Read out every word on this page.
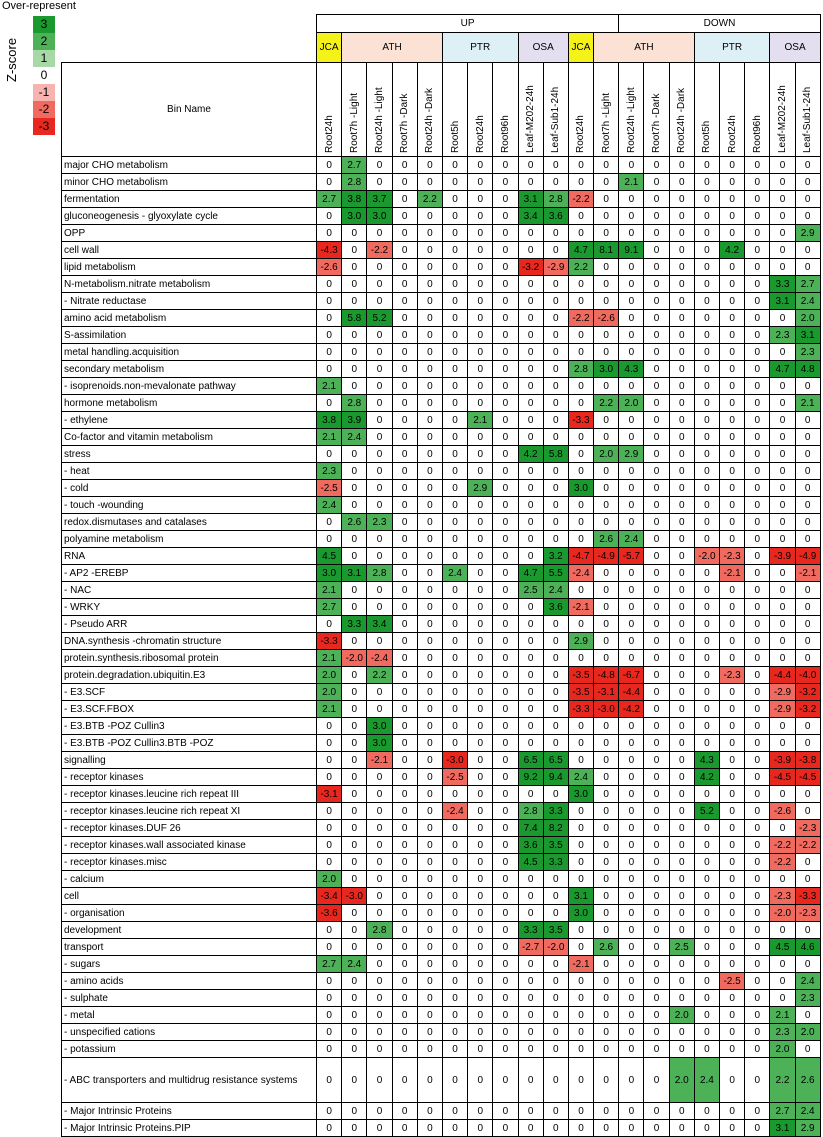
Over-represent
3
2
1
0
-1
-2
-3
Z-score
	UP												DOWN							
	JCA	ATH				PTR			OSA		JCA	ATH				PTR			OSA	
Bin Name	Root24h	Root7h -Light	Root24h -Light	Root7h -Dark	Root24h -Dark	Root5h	Root24h	Root96h	Leaf-M202-24h	Leaf-Sub1-24h	Root24h	Root7h -Light	Root24h -Light	Root7h -Dark	Root24h -Dark	Root5h	Root24h	Root96h	Leaf-M202-24h	Leaf-Sub1-24h
major CHO metabolism	0	2.7	0	0	0	0	0	0	0	0	0	0	0	0	0	0	0	0	0	0
minor CHO metabolism	0	2.8	0	0	0	0	0	0	0	0	0	0	2.1	0	0	0	0	0	0	0
fermentation	2.7	3.8	3.7	0	2.2	0	0	0	3.1	2.8	-2.2	0	0	0	0	0	0	0	0	0
gluconeogenesis - glyoxylate cycle	0	3.0	3.0	0	0	0	0	0	3.4	3.6	0	0	0	0	0	0	0	0	0	0
OPP	0	0	0	0	0	0	0	0	0	0	0	0	0	0	0	0	0	0	0	2.9
cell wall	-4.3	0	-2.2	0	0	0	0	0	0	0	4.7	8.1	9.1	0	0	0	4.2	0	0	0
lipid metabolism	-2.6	0	0	0	0	0	0	0	-3.2	-2.9	2.2	0	0	0	0	0	0	0	0	0
N-metabolism.nitrate metabolism	0	0	0	0	0	0	0	0	0	0	0	0	0	0	0	0	0	0	3.3	2.7
- Nitrate reductase	0	0	0	0	0	0	0	0	0	0	0	0	0	0	0	0	0	0	3.1	2.4
amino acid metabolism	0	5.8	5.2	0	0	0	0	0	0	0	-2.2	-2.6	0	0	0	0	0	0	0	2.0
S-assimilation	0	0	0	0	0	0	0	0	0	0	0	0	0	0	0	0	0	0	2.3	3.1
metal handling.acquisition	0	0	0	0	0	0	0	0	0	0	0	0	0	0	0	0	0	0	0	2.3
secondary metabolism	0	0	0	0	0	0	0	0	0	0	2.8	3.0	4.3	0	0	0	0	0	4.7	4.8
- isoprenoids.non-mevalonate pathway	2.1	0	0	0	0	0	0	0	0	0	0	0	0	0	0	0	0	0	0	0
hormone metabolism	0	2.8	0	0	0	0	0	0	0	0	0	2.2	2.0	0	0	0	0	0	0	2.1
- ethylene	3.8	3.9	0	0	0	0	2.1	0	0	0	-3.3	0	0	0	0	0	0	0	0	0
Co-factor and vitamin metabolism	2.1	2.4	0	0	0	0	0	0	0	0	0	0	0	0	0	0	0	0	0	0
stress	0	0	0	0	0	0	0	0	4.2	5.8	0	2.0	2.9	0	0	0	0	0	0	0
- heat	2.3	0	0	0	0	0	0	0	0	0	0	0	0	0	0	0	0	0	0	0
- cold	-2.5	0	0	0	0	0	2.9	0	0	0	3.0	0	0	0	0	0	0	0	0	0
- touch -wounding	2.4	0	0	0	0	0	0	0	0	0	0	0	0	0	0	0	0	0	0	0
redox.dismutases and catalases	0	2.6	2.3	0	0	0	0	0	0	0	0	0	0	0	0	0	0	0	0	0
polyamine metabolism	0	0	0	0	0	0	0	0	0	0	0	2.6	2.4	0	0	0	0	0	0	0
RNA	4.5	0	0	0	0	0	0	0	0	3.2	-4.7	-4.9	-5.7	0	0	-2.0	-2.3	0	-3.9	-4.9
- AP2 -EREBP	3.0	3.1	2.8	0	0	2.4	0	0	4.7	5.5	-2.4	0	0	0	0	0	-2.1	0	0	-2.1
- NAC	2.1	0	0	0	0	0	0	0	2.5	2.4	0	0	0	0	0	0	0	0	0	0
- WRKY	2.7	0	0	0	0	0	0	0	0	3.6	-2.1	0	0	0	0	0	0	0	0	0
- Pseudo ARR	0	3.3	3.4	0	0	0	0	0	0	0	0	0	0	0	0	0	0	0	0	0
DNA.synthesis -chromatin structure	-3.3	0	0	0	0	0	0	0	0	0	2.9	0	0	0	0	0	0	0	0	0
protein.synthesis.ribosomal protein	2.1	-2.0	-2.4	0	0	0	0	0	0	0	0	0	0	0	0	0	0	0	0	0
protein.degradation.ubiquitin.E3	2.0	0	2.2	0	0	0	0	0	0	0	-3.5	-4.8	-6.7	0	0	0	-2.3	0	-4.4	-4.0
- E3.SCF	2.0	0	0	0	0	0	0	0	0	0	-3.5	-3.1	-4.4	0	0	0	0	0	-2.9	-3.2
- E3.SCF.FBOX	2.1	0	0	0	0	0	0	0	0	0	-3.3	-3.0	-4.2	0	0	0	0	0	-2.9	-3.2
- E3.BTB -POZ Cullin3	0	0	3.0	0	0	0	0	0	0	0	0	0	0	0	0	0	0	0	0	0
- E3.BTB -POZ Cullin3.BTB -POZ	0	0	3.0	0	0	0	0	0	0	0	0	0	0	0	0	0	0	0	0	0
signalling	0	0	-2.1	0	0	-3.0	0	0	6.5	6.5	0	0	0	0	0	4.3	0	0	-3.9	-3.8
- receptor kinases	0	0	0	0	0	-2.5	0	0	9.2	9.4	2.4	0	0	0	0	4.2	0	0	-4.5	-4.5
- receptor kinases.leucine rich repeat III	-3.1	0	0	0	0	0	0	0	0	0	3.0	0	0	0	0	0	0	0	0	0
- receptor kinases.leucine rich repeat XI	0	0	0	0	0	-2.4	0	0	2.8	3.3	0	0	0	0	0	5.2	0	0	-2.6	0
- receptor kinases.DUF 26	0	0	0	0	0	0	0	0	7.4	8.2	0	0	0	0	0	0	0	0	0	-2.3
- receptor kinases.wall associated kinase	0	0	0	0	0	0	0	0	3.6	3.5	0	0	0	0	0	0	0	0	-2.2	-2.2
- receptor kinases.misc	0	0	0	0	0	0	0	0	4.5	3.3	0	0	0	0	0	0	0	0	-2.2	0
- calcium	2.0	0	0	0	0	0	0	0	0	0	0	0	0	0	0	0	0	0	0	0
cell	-3.4	-3.0	0	0	0	0	0	0	0	0	3.1	0	0	0	0	0	0	0	-2.3	-3.3
- organisation	-3.6	0	0	0	0	0	0	0	0	0	3.0	0	0	0	0	0	0	0	-2.0	-2.3
development	0	0	2.8	0	0	0	0	0	3.3	3.5	0	0	0	0	0	0	0	0	0	0
transport	0	0	0	0	0	0	0	0	-2.7	-2.0	0	2.6	0	0	2.5	0	0	0	4.5	4.6
- sugars	2.7	2.4	0	0	0	0	0	0	0	0	-2.1	0	0	0	0	0	0	0	0	0
- amino acids	0	0	0	0	0	0	0	0	0	0	0	0	0	0	0	0	-2.5	0	0	2.4
- sulphate	0	0	0	0	0	0	0	0	0	0	0	0	0	0	0	0	0	0	0	2.3
- metal	0	0	0	0	0	0	0	0	0	0	0	0	0	0	2.0	0	0	0	2.1	0
- unspecified cations	0	0	0	0	0	0	0	0	0	0	0	0	0	0	0	0	0	0	2.3	2.0
- potassium	0	0	0	0	0	0	0	0	0	0	0	0	0	0	0	0	0	0	2.0	0
- ABC transporters and multidrug resistance systems	0	0	0	0	0	0	0	0	0	0	0	0	0	0	2.0	2.4	0	0	2.2	2.6
- Major Intrinsic Proteins	0	0	0	0	0	0	0	0	0	0	0	0	0	0	0	0	0	0	2.7	2.4
- Major Intrinsic Proteins.PIP	0	0	0	0	0	0	0	0	0	0	0	0	0	0	0	0	0	0	3.1	2.9
